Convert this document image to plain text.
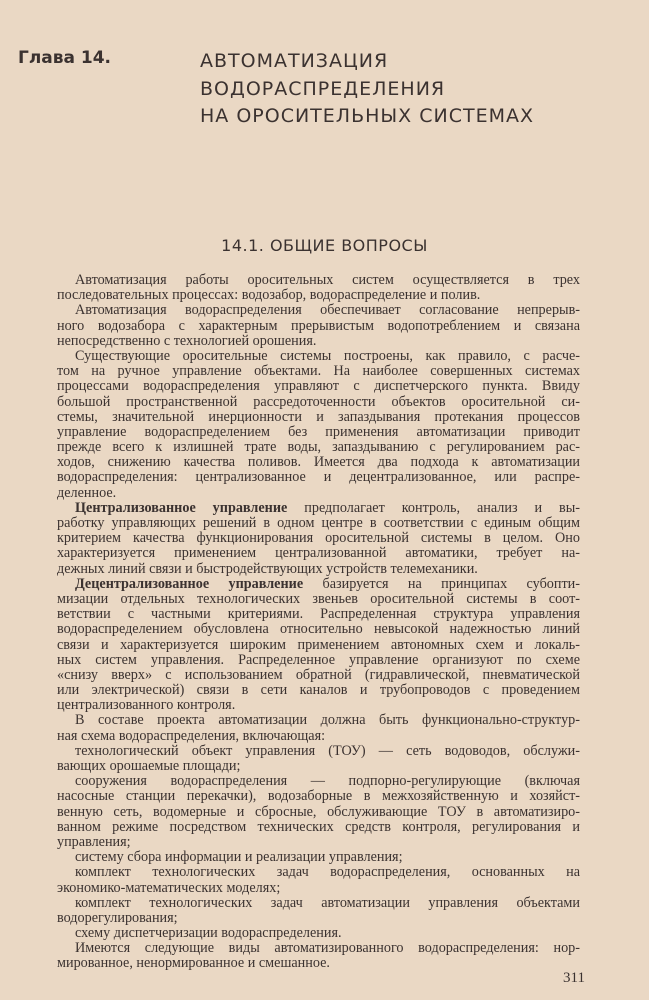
Глава 14.	АВТОМАТИЗАЦИЯ
ВОДОРАСПРЕДЕЛЕНИЯ
НА ОРОСИТЕЛЬНЫХ СИСТЕМАХ
14.1. ОБЩИЕ ВОПРОСЫ
Автоматизация работы оросительных систем осуществляется в трех
последовательных процессах: водозабор, водораспределение и полив.
Автоматизация водораспределения обеспечивает согласование непрерыв-
ного водозабора с характерным прерывистым водопотреблением и связана
непосредственно с технологией орошения.
Существующие оросительные системы построены, как правило, с расче-
том на ручное управление объектами. На наиболее совершенных системах
процессами водораспределения управляют с диспетчерского пункта. Ввиду
большой пространственной рассредоточенности объектов оросительной си-
стемы, значительной инерционности и запаздывания протекания процессов
управление водораспределением без применения автоматизации приводит
прежде всего к излишней трате воды, запаздыванию с регулированием рас-
ходов, снижению качества поливов. Имеется два подхода к автоматизации
водораспределения: централизованное и децентрализованное, или распре-
деленное.
Централизованное управление предполагает контроль, анализ и вы-
работку управляющих решений в одном центре в соответствии с единым общим
критерием качества функционирования оросительной системы в целом. Оно
характеризуется применением централизованной автоматики, требует на-
дежных линий связи и быстродействующих устройств телемеханики.
Децентрализованное управление базируется на принципах субопти-
мизации отдельных технологических звеньев оросительной системы в соот-
ветствии с частными критериями. Распределенная структура управления
водораспределением обусловлена относительно невысокой надежностью линий
связи и характеризуется широким применением автономных схем и локаль-
ных систем управления. Распределенное управление организуют по схеме
«снизу вверх» с использованием обратной (гидравлической, пневматической
или электрической) связи в сети каналов и трубопроводов с проведением
централизованного контроля.
В составе проекта автоматизации должна быть функционально-структур-
ная схема водораспределения, включающая:
технологический объект управления (ТОУ) — сеть водоводов, обслужи-
вающих орошаемые площади;
сооружения водораспределения — подпорно-регулирующие (включая
насосные станции перекачки), водозаборные в межхозяйственную и хозяйст-
венную сеть, водомерные и сбросные, обслуживающие ТОУ в автоматизиро-
ванном режиме посредством технических средств контроля, регулирования и
управления;
систему сбора информации и реализации управления;
комплект технологических задач водораспределения, основанных на
экономико-математических моделях;
комплект технологических задач автоматизации управления объектами
водорегулирования;
схему диспетчеризации водораспределения.
Имеются следующие виды автоматизированного водораспределения: нор-
мированное, ненормированное и смешанное.
311
